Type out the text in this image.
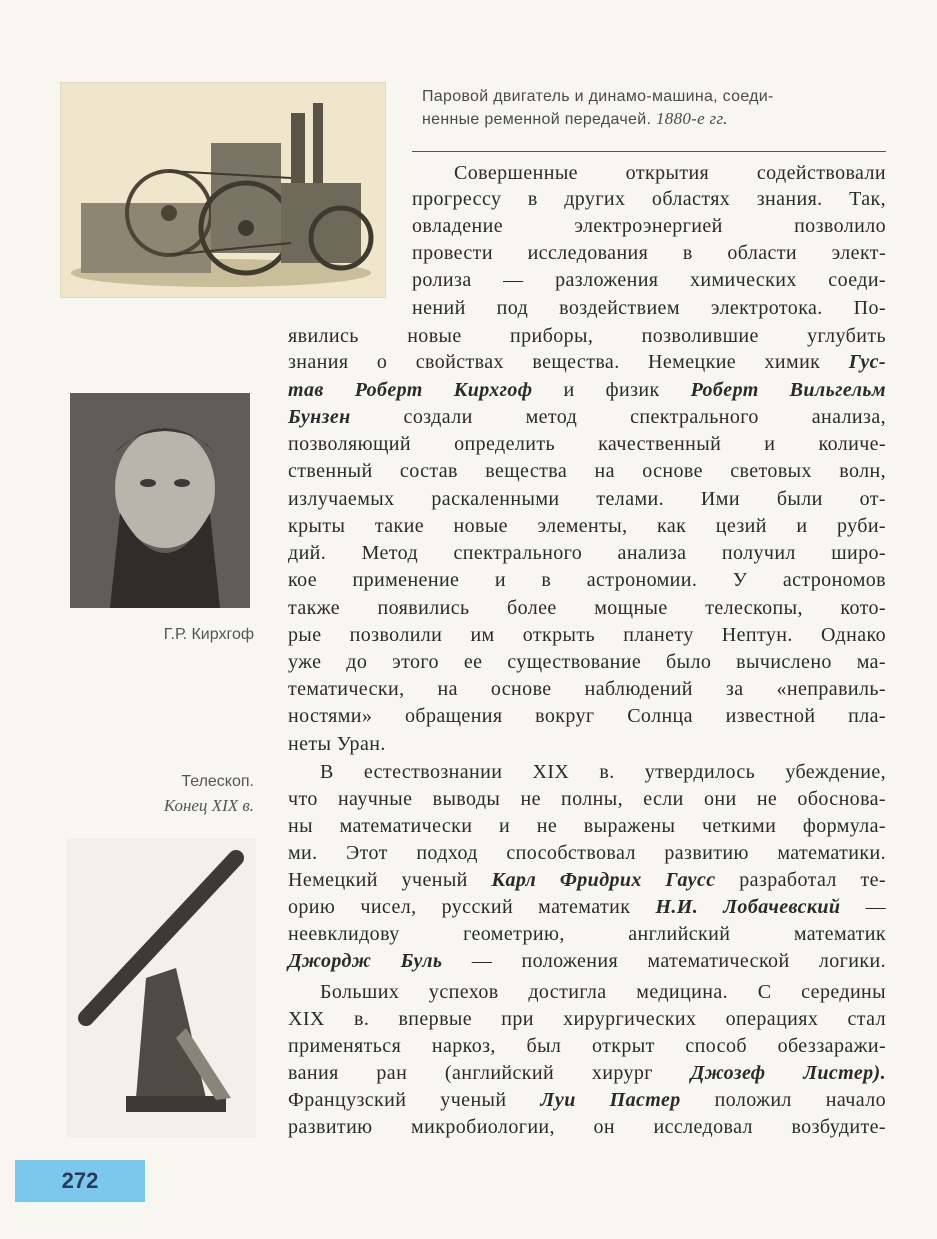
Паровой двигатель и динамо-машина, соеди-
ненные ременной передачей. 1880-е гг.
Г.Р. Кирхгоф
Телескоп.
Конец XIX в.
272
Совершенные открытия содействовали
прогрессу в других областях знания. Так,
овладение электроэнергией позволило
провести исследования в области элект-
ролиза — разложения химических соеди-
нений под воздействием электротока. По-
явились новые приборы, позволившие углубить
знания о свойствах вещества. Немецкие химик Гус-
тав Роберт Кирхгоф и физик Роберт Вильгельм
Бунзен создали метод спектрального анализа,
позволяющий определить качественный и количе-
ственный состав вещества на основе световых волн,
излучаемых раскаленными телами. Ими были от-
крыты такие новые элементы, как цезий и руби-
дий. Метод спектрального анализа получил широ-
кое применение и в астрономии. У астрономов
также появились более мощные телескопы, кото-
рые позволили им открыть планету Нептун. Однако
уже до этого ее существование было вычислено ма-
тематически, на основе наблюдений за «неправиль-
ностями» обращения вокруг Солнца известной пла-
неты Уран.
В естествознании XIX в. утвердилось убеждение,
что научные выводы не полны, если они не обоснова-
ны математически и не выражены четкими формула-
ми. Этот подход способствовал развитию математики.
Немецкий ученый Карл Фридрих Гаусс разработал те-
орию чисел, русский математик Н.И. Лобачевский —
неевклидову геометрию, английский математик
Джордж Буль — положения математической логики.
Больших успехов достигла медицина. С середины
XIX в. впервые при хирургических операциях стал
применяться наркоз, был открыт способ обеззаражи-
вания ран (английский хирург Джозеф Листер).
Французский ученый Луи Пастер положил начало
развитию микробиологии, он исследовал возбудите-
